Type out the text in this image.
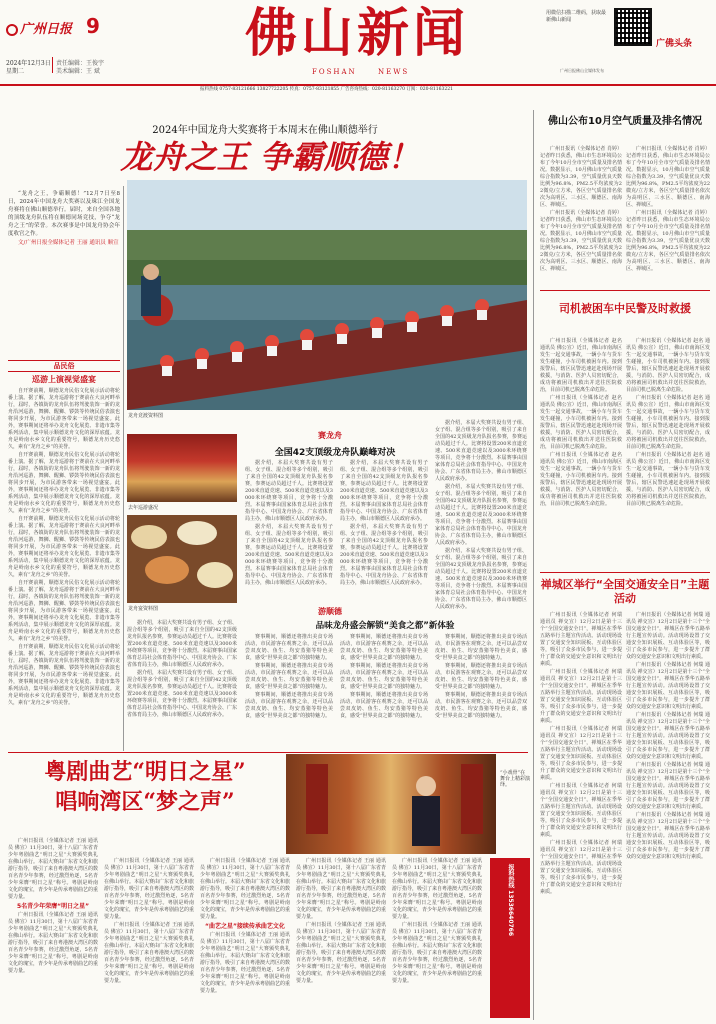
广州日报 9
2024年12月3日
星期二
责任编辑：王俊宇
美术编辑：王 斌
佛山新闻
FOSHAN	NEWS
用微信扫描二维码，获取最新佛山新闻
广佛头条
广州日报佛山全媒体发布
报料热线 0757-83121666 13827722205 传真：0757-83121855 广告咨询热线：020-81163270 订阅：020-81163221
2024年中国龙舟大奖赛将于本周末在佛山顺德举行
龙舟之王 争霸顺德！

“龙舟之王，争霸顺德！”12月7日至8日，2024年中国龙舟大奖赛以及珠江全国龙舟赛将在佛山顺德举行。届时，来自全国各地的顶级龙舟队伍将在顺德同场竞技，争夺“龙舟之王”的荣誉。本次赛事是中国龙舟协会年度收官之作。

文/广州日报全媒体记者 王丽 通讯员 顺宣

龙舟竞渡资料图
品民俗
巡游上演视觉盛宴

自开赛前期，顺德龙舟民俗文化展示活动将轮番上演。据了解，龙舟巡游将于赛前在大良河畔举行，届时，各镇街的龙舟队伍将驾驶装饰一新的龙舟沿河巡游，舞狮、醒狮、锣鼓等传统民俗表演也将同步开展，为市民游客带来一场视觉盛宴。此外，赛事期间还将举办龙舟文化展览、非遗市集等系列活动，集中展示顺德龙舟文化的深厚底蕴。龙舟是岭南水乡文化的重要符号，顺德龙舟历史悠久，素有“龙舟之乡”的美誉。

自开赛前期，顺德龙舟民俗文化展示活动将轮番上演。据了解，龙舟巡游将于赛前在大良河畔举行，届时，各镇街的龙舟队伍将驾驶装饰一新的龙舟沿河巡游，舞狮、醒狮、锣鼓等传统民俗表演也将同步开展，为市民游客带来一场视觉盛宴。此外，赛事期间还将举办龙舟文化展览、非遗市集等系列活动，集中展示顺德龙舟文化的深厚底蕴。龙舟是岭南水乡文化的重要符号，顺德龙舟历史悠久，素有“龙舟之乡”的美誉。

自开赛前期，顺德龙舟民俗文化展示活动将轮番上演。据了解，龙舟巡游将于赛前在大良河畔举行，届时，各镇街的龙舟队伍将驾驶装饰一新的龙舟沿河巡游，舞狮、醒狮、锣鼓等传统民俗表演也将同步开展，为市民游客带来一场视觉盛宴。此外，赛事期间还将举办龙舟文化展览、非遗市集等系列活动，集中展示顺德龙舟文化的深厚底蕴。龙舟是岭南水乡文化的重要符号，顺德龙舟历史悠久，素有“龙舟之乡”的美誉。

自开赛前期，顺德龙舟民俗文化展示活动将轮番上演。据了解，龙舟巡游将于赛前在大良河畔举行，届时，各镇街的龙舟队伍将驾驶装饰一新的龙舟沿河巡游，舞狮、醒狮、锣鼓等传统民俗表演也将同步开展，为市民游客带来一场视觉盛宴。此外，赛事期间还将举办龙舟文化展览、非遗市集等系列活动，集中展示顺德龙舟文化的深厚底蕴。龙舟是岭南水乡文化的重要符号，顺德龙舟历史悠久，素有“龙舟之乡”的美誉。

自开赛前期，顺德龙舟民俗文化展示活动将轮番上演。据了解，龙舟巡游将于赛前在大良河畔举行，届时，各镇街的龙舟队伍将驾驶装饰一新的龙舟沿河巡游，舞狮、醒狮、锣鼓等传统民俗表演也将同步开展，为市民游客带来一场视觉盛宴。此外，赛事期间还将举办龙舟文化展览、非遗市集等系列活动，集中展示顺德龙舟文化的深厚底蕴。龙舟是岭南水乡文化的重要符号，顺德龙舟历史悠久，素有“龙舟之乡”的美誉。

去年巡游盛况
龙舟宴资料图
赛龙舟
全国42支顶级龙舟队巅峰对决

据介绍，本届大奖赛共设有男子组、女子组、混合组等多个组别，吸引了来自全国的42支顶级龙舟队报名参赛，参赛运动员超过千人。比赛将设置200米直道竞速、500米直道竞速以及3000米环绕赛等项目，竞争将十分激烈。本届赛事由国家体育总局社会体育指导中心、中国龙舟协会、广东省体育局主办，佛山市顺德区人民政府承办。

据介绍，本届大奖赛共设有男子组、女子组、混合组等多个组别，吸引了来自全国的42支顶级龙舟队报名参赛，参赛运动员超过千人。比赛将设置200米直道竞速、500米直道竞速以及3000米环绕赛等项目，竞争将十分激烈。本届赛事由国家体育总局社会体育指导中心、中国龙舟协会、广东省体育局主办，佛山市顺德区人民政府承办。

据介绍，本届大奖赛共设有男子组、女子组、混合组等多个组别，吸引了来自全国的42支顶级龙舟队报名参赛，参赛运动员超过千人。比赛将设置200米直道竞速、500米直道竞速以及3000米环绕赛等项目，竞争将十分激烈。本届赛事由国家体育总局社会体育指导中心、中国龙舟协会、广东省体育局主办，佛山市顺德区人民政府承办。

据介绍，本届大奖赛共设有男子组、女子组、混合组等多个组别，吸引了来自全国的42支顶级龙舟队报名参赛，参赛运动员超过千人。比赛将设置200米直道竞速、500米直道竞速以及3000米环绕赛等项目，竞争将十分激烈。本届赛事由国家体育总局社会体育指导中心、中国龙舟协会、广东省体育局主办，佛山市顺德区人民政府承办。

据介绍，本届大奖赛共设有男子组、女子组、混合组等多个组别，吸引了来自全国的42支顶级龙舟队报名参赛，参赛运动员超过千人。比赛将设置200米直道竞速、500米直道竞速以及3000米环绕赛等项目，竞争将十分激烈。本届赛事由国家体育总局社会体育指导中心、中国龙舟协会、广东省体育局主办，佛山市顺德区人民政府承办。

据介绍，本届大奖赛共设有男子组、女子组、混合组等多个组别，吸引了来自全国的42支顶级龙舟队报名参赛，参赛运动员超过千人。比赛将设置200米直道竞速、500米直道竞速以及3000米环绕赛等项目，竞争将十分激烈。本届赛事由国家体育总局社会体育指导中心、中国龙舟协会、广东省体育局主办，佛山市顺德区人民政府承办。

据介绍，本届大奖赛共设有男子组、女子组、混合组等多个组别，吸引了来自全国的42支顶级龙舟队报名参赛，参赛运动员超过千人。比赛将设置200米直道竞速、500米直道竞速以及3000米环绕赛等项目，竞争将十分激烈。本届赛事由国家体育总局社会体育指导中心、中国龙舟协会、广东省体育局主办，佛山市顺德区人民政府承办。

游顺德
品味龙舟盛会解锁“美食之都”新体验

赛事期间，顺德还将推出美食专场活动，市民游客在观赛之余，还可以品尝双皮奶、鱼生、均安蒸猪等特色美食，感受“世界美食之都”的独特魅力。

赛事期间，顺德还将推出美食专场活动，市民游客在观赛之余，还可以品尝双皮奶、鱼生、均安蒸猪等特色美食，感受“世界美食之都”的独特魅力。

赛事期间，顺德还将推出美食专场活动，市民游客在观赛之余，还可以品尝双皮奶、鱼生、均安蒸猪等特色美食，感受“世界美食之都”的独特魅力。

赛事期间，顺德还将推出美食专场活动，市民游客在观赛之余，还可以品尝双皮奶、鱼生、均安蒸猪等特色美食，感受“世界美食之都”的独特魅力。

赛事期间，顺德还将推出美食专场活动，市民游客在观赛之余，还可以品尝双皮奶、鱼生、均安蒸猪等特色美食，感受“世界美食之都”的独特魅力。

赛事期间，顺德还将推出美食专场活动，市民游客在观赛之余，还可以品尝双皮奶、鱼生、均安蒸猪等特色美食，感受“世界美食之都”的独特魅力。

赛事期间，顺德还将推出美食专场活动，市民游客在观赛之余，还可以品尝双皮奶、鱼生、均安蒸猪等特色美食，感受“世界美食之都”的独特魅力。

赛事期间，顺德还将推出美食专场活动，市民游客在观赛之余，还可以品尝双皮奶、鱼生、均安蒸猪等特色美食，感受“世界美食之都”的独特魅力。

赛事期间，顺德还将推出美食专场活动，市民游客在观赛之余，还可以品尝双皮奶、鱼生、均安蒸猪等特色美食，感受“世界美食之都”的独特魅力。

据介绍，本届大奖赛共设有男子组、女子组、混合组等多个组别，吸引了来自全国的42支顶级龙舟队报名参赛，参赛运动员超过千人。比赛将设置200米直道竞速、500米直道竞速以及3000米环绕赛等项目，竞争将十分激烈。本届赛事由国家体育总局社会体育指导中心、中国龙舟协会、广东省体育局主办，佛山市顺德区人民政府承办。

据介绍，本届大奖赛共设有男子组、女子组、混合组等多个组别，吸引了来自全国的42支顶级龙舟队报名参赛，参赛运动员超过千人。比赛将设置200米直道竞速、500米直道竞速以及3000米环绕赛等项目，竞争将十分激烈。本届赛事由国家体育总局社会体育指导中心、中国龙舟协会、广东省体育局主办，佛山市顺德区人民政府承办。

佛山公布10月空气质量及排名情况

广州日报讯（全媒体记者 肖婷）记者昨日获悉，佛山市生态环境局公布了今年10月全市空气质量及排名情况。数据显示，10月佛山市空气质量综合指数为3.39，空气质量优良天数比例为96.8%，PM2.5平均浓度为22微克/立方米，各区空气质量排名依次为高明区、三水区、顺德区、南海区、禅城区。

广州日报讯（全媒体记者 肖婷）记者昨日获悉，佛山市生态环境局公布了今年10月全市空气质量及排名情况。数据显示，10月佛山市空气质量综合指数为3.39，空气质量优良天数比例为96.8%，PM2.5平均浓度为22微克/立方米，各区空气质量排名依次为高明区、三水区、顺德区、南海区、禅城区。

广州日报讯（全媒体记者 肖婷）记者昨日获悉，佛山市生态环境局公布了今年10月全市空气质量及排名情况。数据显示，10月佛山市空气质量综合指数为3.39，空气质量优良天数比例为96.8%，PM2.5平均浓度为22微克/立方米，各区空气质量排名依次为高明区、三水区、顺德区、南海区、禅城区。

广州日报讯（全媒体记者 肖婷）记者昨日获悉，佛山市生态环境局公布了今年10月全市空气质量及排名情况。数据显示，10月佛山市空气质量综合指数为3.39，空气质量优良天数比例为96.8%，PM2.5平均浓度为22微克/立方米，各区空气质量排名依次为高明区、三水区、顺德区、南海区、禅城区。

司机被困车中民警及时救援

广州日报讯（全媒体记者 赵名 通讯员 佛公宣）近日，佛山市南海区发生一起交通事故，一辆小车与货车发生碰撞，小车司机被困车内。接到报警后，辖区民警迅速赶赴现场开展救援，与消防、医护人员密切配合，成功将被困司机救出并送往医院救治，目前司机已脱离生命危险。

广州日报讯（全媒体记者 赵名 通讯员 佛公宣）近日，佛山市南海区发生一起交通事故，一辆小车与货车发生碰撞，小车司机被困车内。接到报警后，辖区民警迅速赶赴现场开展救援，与消防、医护人员密切配合，成功将被困司机救出并送往医院救治，目前司机已脱离生命危险。

广州日报讯（全媒体记者 赵名 通讯员 佛公宣）近日，佛山市南海区发生一起交通事故，一辆小车与货车发生碰撞，小车司机被困车内。接到报警后，辖区民警迅速赶赴现场开展救援，与消防、医护人员密切配合，成功将被困司机救出并送往医院救治，目前司机已脱离生命危险。

广州日报讯（全媒体记者 赵名 通讯员 佛公宣）近日，佛山市南海区发生一起交通事故，一辆小车与货车发生碰撞，小车司机被困车内。接到报警后，辖区民警迅速赶赴现场开展救援，与消防、医护人员密切配合，成功将被困司机救出并送往医院救治，目前司机已脱离生命危险。

广州日报讯（全媒体记者 赵名 通讯员 佛公宣）近日，佛山市南海区发生一起交通事故，一辆小车与货车发生碰撞，小车司机被困车内。接到报警后，辖区民警迅速赶赴现场开展救援，与消防、医护人员密切配合，成功将被困司机救出并送往医院救治，目前司机已脱离生命危险。

广州日报讯（全媒体记者 赵名 通讯员 佛公宣）近日，佛山市南海区发生一起交通事故，一辆小车与货车发生碰撞，小车司机被困车内。接到报警后，辖区民警迅速赶赴现场开展救援，与消防、医护人员密切配合，成功将被困司机救出并送往医院救治，目前司机已脱离生命危险。

禅城区举行“全国交通安全日”主题活动

广州日报讯（全媒体记者 何瑞 通讯员 禅交宣）12月2日是第十三个“全国交通安全日”，禅城区在季华五路举行主题宣传活动。活动现场设置了交通安全知识展板、互动体验区等，吸引了众多市民参与，进一步提升了群众的交通安全意识和文明出行素质。

广州日报讯（全媒体记者 何瑞 通讯员 禅交宣）12月2日是第十三个“全国交通安全日”，禅城区在季华五路举行主题宣传活动。活动现场设置了交通安全知识展板、互动体验区等，吸引了众多市民参与，进一步提升了群众的交通安全意识和文明出行素质。

广州日报讯（全媒体记者 何瑞 通讯员 禅交宣）12月2日是第十三个“全国交通安全日”，禅城区在季华五路举行主题宣传活动。活动现场设置了交通安全知识展板、互动体验区等，吸引了众多市民参与，进一步提升了群众的交通安全意识和文明出行素质。

广州日报讯（全媒体记者 何瑞 通讯员 禅交宣）12月2日是第十三个“全国交通安全日”，禅城区在季华五路举行主题宣传活动。活动现场设置了交通安全知识展板、互动体验区等，吸引了众多市民参与，进一步提升了群众的交通安全意识和文明出行素质。

广州日报讯（全媒体记者 何瑞 通讯员 禅交宣）12月2日是第十三个“全国交通安全日”，禅城区在季华五路举行主题宣传活动。活动现场设置了交通安全知识展板、互动体验区等，吸引了众多市民参与，进一步提升了群众的交通安全意识和文明出行素质。

广州日报讯（全媒体记者 何瑞 通讯员 禅交宣）12月2日是第十三个“全国交通安全日”，禅城区在季华五路举行主题宣传活动。活动现场设置了交通安全知识展板、互动体验区等，吸引了众多市民参与，进一步提升了群众的交通安全意识和文明出行素质。

广州日报讯（全媒体记者 何瑞 通讯员 禅交宣）12月2日是第十三个“全国交通安全日”，禅城区在季华五路举行主题宣传活动。活动现场设置了交通安全知识展板、互动体验区等，吸引了众多市民参与，进一步提升了群众的交通安全意识和文明出行素质。

广州日报讯（全媒体记者 何瑞 通讯员 禅交宣）12月2日是第十三个“全国交通安全日”，禅城区在季华五路举行主题宣传活动。活动现场设置了交通安全知识展板、互动体验区等，吸引了众多市民参与，进一步提升了群众的交通安全意识和文明出行素质。

广州日报讯（全媒体记者 何瑞 通讯员 禅交宣）12月2日是第十三个“全国交通安全日”，禅城区在季华五路举行主题宣传活动。活动现场设置了交通安全知识展板、互动体验区等，吸引了众多市民参与，进一步提升了群众的交通安全意识和文明出行素质。

广州日报讯（全媒体记者 何瑞 通讯员 禅交宣）12月2日是第十三个“全国交通安全日”，禅城区在季华五路举行主题宣传活动。活动现场设置了交通安全知识展板、互动体验区等，吸引了众多市民参与，进一步提升了群众的交通安全意识和文明出行素质。

粤剧曲艺“明日之星”
唱响湾区“梦之声”
“小戏骨”在舞台上精彩演绎。

广州日报讯（全媒体记者 王丽 通讯员 佛宣）11月30日，第十八届广东省青少年粤剧曲艺“明日之星”大赛颁奖典礼在佛山举行。本届大赛由广东省文化和旅游厅指导，吸引了来自粤港澳大湾区的数百名青少年参赛，经过激烈角逐，5名青少年荣膺“明日之星”称号。粤剧是岭南文化的瑰宝，青少年是传承粤剧曲艺的重要力量。

5名青少年荣膺“明日之星”

广州日报讯（全媒体记者 王丽 通讯员 佛宣）11月30日，第十八届广东省青少年粤剧曲艺“明日之星”大赛颁奖典礼在佛山举行。本届大赛由广东省文化和旅游厅指导，吸引了来自粤港澳大湾区的数百名青少年参赛，经过激烈角逐，5名青少年荣膺“明日之星”称号。粤剧是岭南文化的瑰宝，青少年是传承粤剧曲艺的重要力量。

广州日报讯（全媒体记者 王丽 通讯员 佛宣）11月30日，第十八届广东省青少年粤剧曲艺“明日之星”大赛颁奖典礼在佛山举行。本届大赛由广东省文化和旅游厅指导，吸引了来自粤港澳大湾区的数百名青少年参赛，经过激烈角逐，5名青少年荣膺“明日之星”称号。粤剧是岭南文化的瑰宝，青少年是传承粤剧曲艺的重要力量。

广州日报讯（全媒体记者 王丽 通讯员 佛宣）11月30日，第十八届广东省青少年粤剧曲艺“明日之星”大赛颁奖典礼在佛山举行。本届大赛由广东省文化和旅游厅指导，吸引了来自粤港澳大湾区的数百名青少年参赛，经过激烈角逐，5名青少年荣膺“明日之星”称号。粤剧是岭南文化的瑰宝，青少年是传承粤剧曲艺的重要力量。

广州日报讯（全媒体记者 王丽 通讯员 佛宣）11月30日，第十八届广东省青少年粤剧曲艺“明日之星”大赛颁奖典礼在佛山举行。本届大赛由广东省文化和旅游厅指导，吸引了来自粤港澳大湾区的数百名青少年参赛，经过激烈角逐，5名青少年荣膺“明日之星”称号。粤剧是岭南文化的瑰宝，青少年是传承粤剧曲艺的重要力量。

“曲艺之星”接续传承曲艺文化

广州日报讯（全媒体记者 王丽 通讯员 佛宣）11月30日，第十八届广东省青少年粤剧曲艺“明日之星”大赛颁奖典礼在佛山举行。本届大赛由广东省文化和旅游厅指导，吸引了来自粤港澳大湾区的数百名青少年参赛，经过激烈角逐，5名青少年荣膺“明日之星”称号。粤剧是岭南文化的瑰宝，青少年是传承粤剧曲艺的重要力量。

广州日报讯（全媒体记者 王丽 通讯员 佛宣）11月30日，第十八届广东省青少年粤剧曲艺“明日之星”大赛颁奖典礼在佛山举行。本届大赛由广东省文化和旅游厅指导，吸引了来自粤港澳大湾区的数百名青少年参赛，经过激烈角逐，5名青少年荣膺“明日之星”称号。粤剧是岭南文化的瑰宝，青少年是传承粤剧曲艺的重要力量。

广州日报讯（全媒体记者 王丽 通讯员 佛宣）11月30日，第十八届广东省青少年粤剧曲艺“明日之星”大赛颁奖典礼在佛山举行。本届大赛由广东省文化和旅游厅指导，吸引了来自粤港澳大湾区的数百名青少年参赛，经过激烈角逐，5名青少年荣膺“明日之星”称号。粤剧是岭南文化的瑰宝，青少年是传承粤剧曲艺的重要力量。

广州日报讯（全媒体记者 王丽 通讯员 佛宣）11月30日，第十八届广东省青少年粤剧曲艺“明日之星”大赛颁奖典礼在佛山举行。本届大赛由广东省文化和旅游厅指导，吸引了来自粤港澳大湾区的数百名青少年参赛，经过激烈角逐，5名青少年荣膺“明日之星”称号。粤剧是岭南文化的瑰宝，青少年是传承粤剧曲艺的重要力量。

广州日报讯（全媒体记者 王丽 通讯员 佛宣）11月30日，第十八届广东省青少年粤剧曲艺“明日之星”大赛颁奖典礼在佛山举行。本届大赛由广东省文化和旅游厅指导，吸引了来自粤港澳大湾区的数百名青少年参赛，经过激烈角逐，5名青少年荣膺“明日之星”称号。粤剧是岭南文化的瑰宝，青少年是传承粤剧曲艺的重要力量。

报料热线 13536640766
